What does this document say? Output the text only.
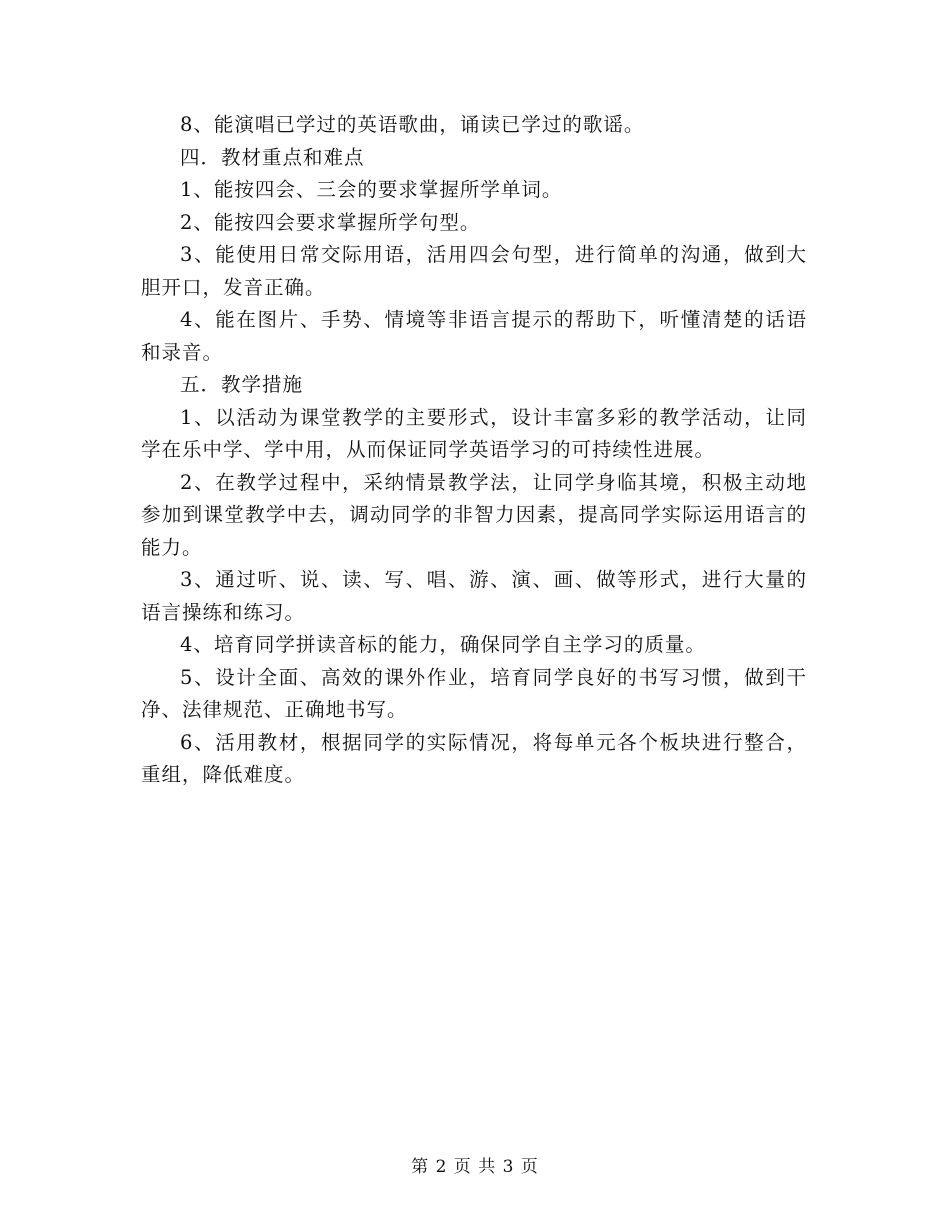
8、能演唱已学过的英语歌曲，诵读已学过的歌谣。

四．教材重点和难点

1、能按四会、三会的要求掌握所学单词。

2、能按四会要求掌握所学句型。

3、能使用日常交际用语，活用四会句型，进行简单的沟通，做到大胆开口，发音正确。

4、能在图片、手势、情境等非语言提示的帮助下，听懂清楚的话语和录音。

五．教学措施

1、以活动为课堂教学的主要形式，设计丰富多彩的教学活动，让同学在乐中学、学中用，从而保证同学英语学习的可持续性进展。

2、在教学过程中，采纳情景教学法，让同学身临其境，积极主动地参加到课堂教学中去，调动同学的非智力因素，提高同学实际运用语言的能力。

3、通过听、说、读、写、唱、游、演、画、做等形式，进行大量的语言操练和练习。

4、培育同学拼读音标的能力，确保同学自主学习的质量。

5、设计全面、高效的课外作业，培育同学良好的书写习惯，做到干净、法律规范、正确地书写。

6、活用教材，根据同学的实际情况，将每单元各个板块进行整合，重组，降低难度。

第 2 页 共 3 页
